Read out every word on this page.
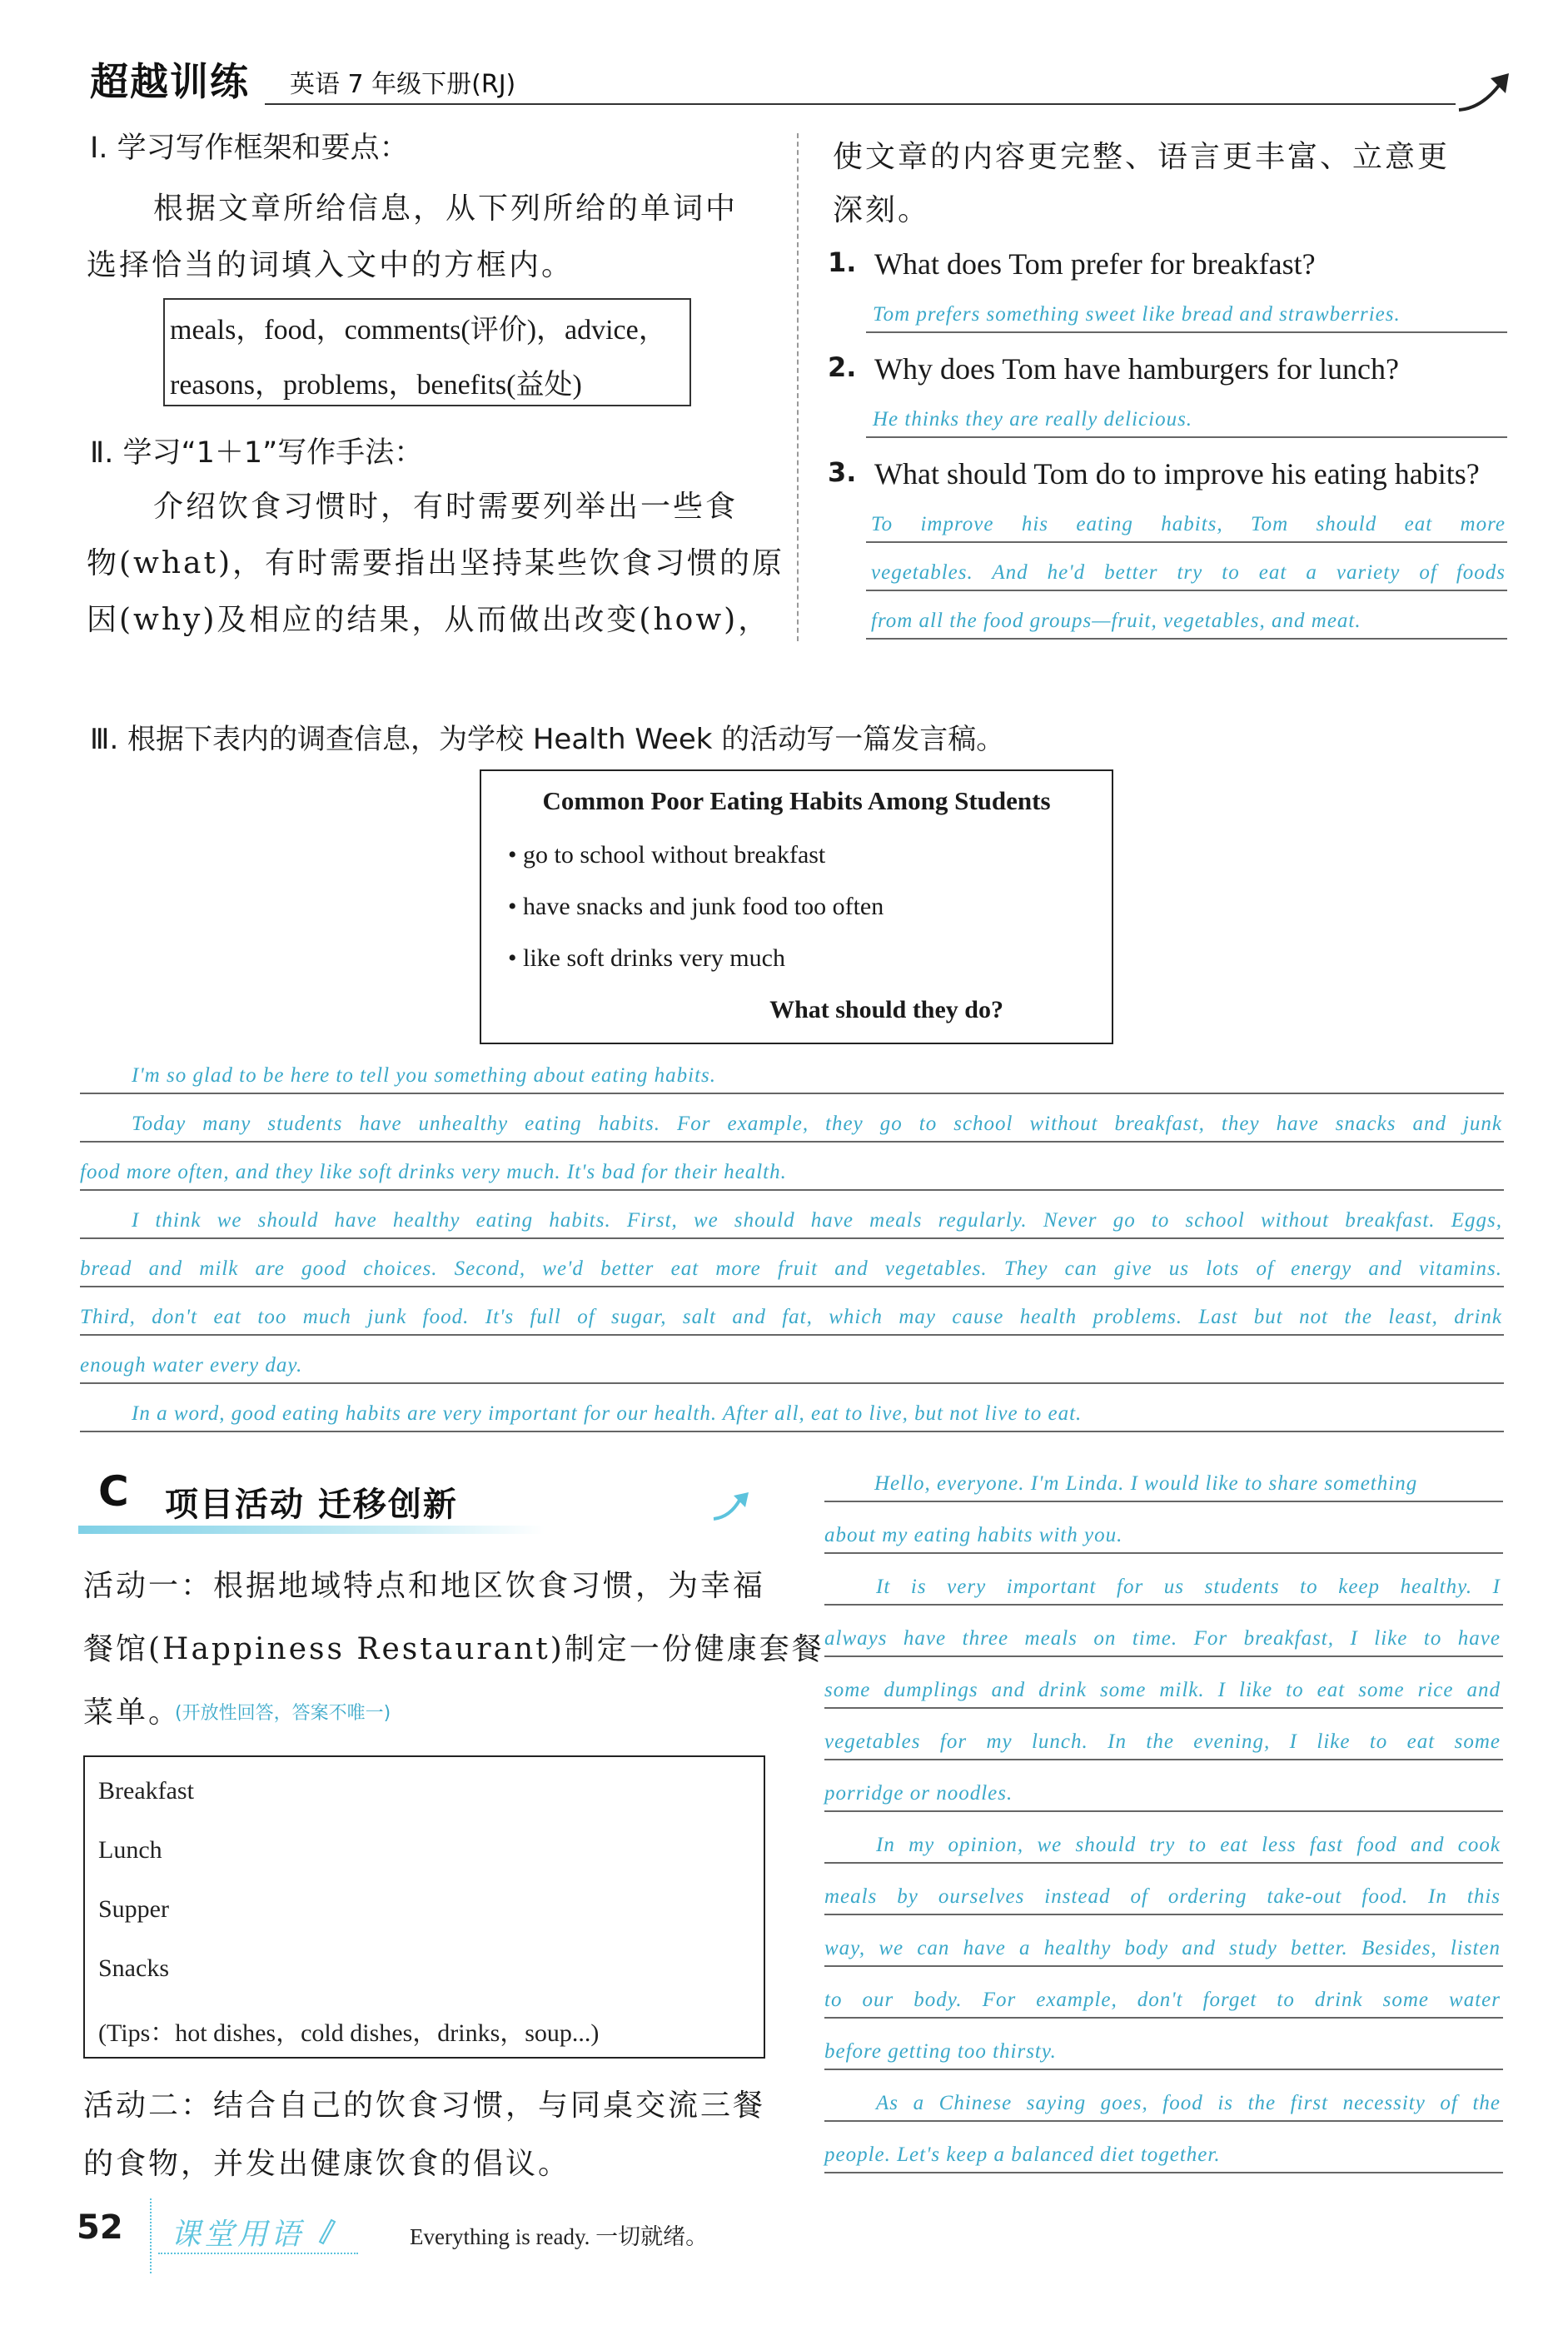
超越训练 英语 7 年级下册(RJ)
Ⅰ. 学习写作框架和要点：
根据文章所给信息，从下列所给的单词中
选择恰当的词填入文中的方框内。
meals，food，comments(评价)，advice，
reasons，problems，benefits(益处)
Ⅱ. 学习“1＋1”写作手法：
介绍饮食习惯时，有时需要列举出一些食
物(what)，有时需要指出坚持某些饮食习惯的原
因(why)及相应的结果，从而做出改变(how)，
使文章的内容更完整、语言更丰富、立意更
深刻。
1. What does Tom prefer for breakfast?
Tom prefers something sweet like bread and strawberries.
2. Why does Tom have hamburgers for lunch?
He thinks they are really delicious.
3. What should Tom do to improve his eating habits?
To improve his eating habits, Tom should eat more
vegetables. And he'd better try to eat a variety of foods
from all the food groups—fruit, vegetables, and meat.
Ⅲ. 根据下表内的调查信息，为学校 Health Week 的活动写一篇发言稿。
Common Poor Eating Habits Among Students
• go to school without breakfast
• have snacks and junk food too often
• like soft drinks very much
What should they do?
I'm so glad to be here to tell you something about eating habits.
Today many students have unhealthy eating habits. For example, they go to school without breakfast, they have snacks and junk
food more often, and they like soft drinks very much. It's bad for their health.
I think we should have healthy eating habits. First, we should have meals regularly. Never go to school without breakfast. Eggs,
bread and milk are good choices. Second, we'd better eat more fruit and vegetables. They can give us lots of energy and vitamins.
Third, don't eat too much junk food. It's full of sugar, salt and fat, which may cause health problems. Last but not the least, drink
enough water every day.
In a word, good eating habits are very important for our health. After all, eat to live, but not live to eat.
C 项目活动 迁移创新
活动一：根据地域特点和地区饮食习惯，为幸福
餐馆(Happiness Restaurant)制定一份健康套餐
菜单。
(开放性回答，答案不唯一)
Breakfast
Lunch
Supper
Snacks
(Tips：hot dishes，cold dishes，drinks，soup...)
活动二：结合自己的饮食习惯，与同桌交流三餐
的食物，并发出健康饮食的倡议。
Hello, everyone. I'm Linda. I would like to share something
about my eating habits with you.
It is very important for us students to keep healthy. I
always have three meals on time. For breakfast, I like to have
some dumplings and drink some milk. I like to eat some rice and
vegetables for my lunch. In the evening, I like to eat some
porridge or noodles.
In my opinion, we should try to eat less fast food and cook
meals by ourselves instead of ordering take-out food. In this
way, we can have a healthy body and study better. Besides, listen
to our body. For example, don't forget to drink some water
before getting too thirsty.
As a Chinese saying goes, food is the first necessity of the
people. Let's keep a balanced diet together.
52 课堂用语	Everything is ready. 一切就绪。
